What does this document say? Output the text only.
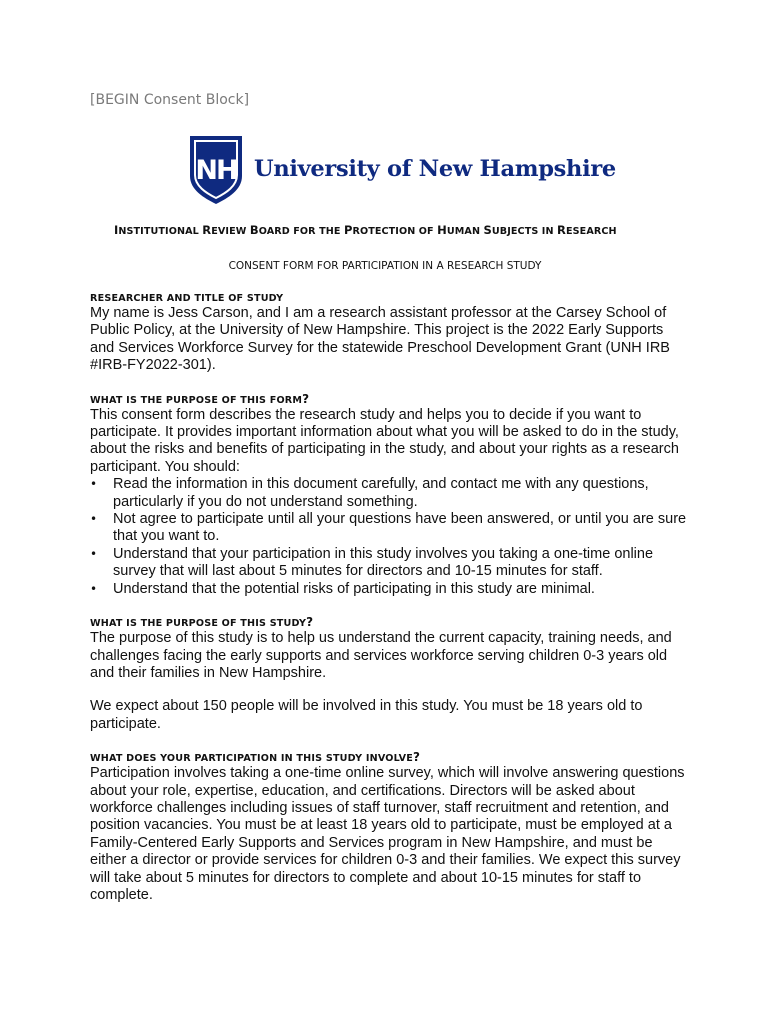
[BEGIN Consent Block]
NH University of New Hampshire
INSTITUTIONAL REVIEW BOARD FOR THE PROTECTION OF HUMAN SUBJECTS IN RESEARCH
CONSENT FORM FOR PARTICIPATION IN A RESEARCH STUDY

RESEARCHER AND TITLE OF STUDY

My name is Jess Carson, and I am a research assistant professor at the Carsey School of Public Policy, at the University of New Hampshire. This project is the 2022 Early Supports and Services Workforce Survey for the statewide Preschool Development Grant (UNH IRB #IRB-FY2022-301).

WHAT IS THE PURPOSE OF THIS FORM?

This consent form describes the research study and helps you to decide if you want to participate. It provides important information about what you will be asked to do in the study, about the risks and benefits of participating in the study, and about your rights as a research participant. You should:

• Read the information in this document carefully, and contact me with any questions, particularly if you do not understand something.
• Not agree to participate until all your questions have been answered, or until you are sure that you want to.
• Understand that your participation in this study involves you taking a one-time online survey that will last about 5 minutes for directors and 10-15 minutes for staff.
• Understand that the potential risks of participating in this study are minimal.

WHAT IS THE PURPOSE OF THIS STUDY?

The purpose of this study is to help us understand the current capacity, training needs, and challenges facing the early supports and services workforce serving children 0-3 years old and their families in New Hampshire.

We expect about 150 people will be involved in this study. You must be 18 years old to participate.

WHAT DOES YOUR PARTICIPATION IN THIS STUDY INVOLVE?

Participation involves taking a one-time online survey, which will involve answering questions about your role, expertise, education, and certifications. Directors will be asked about workforce challenges including issues of staff turnover, staff recruitment and retention, and position vacancies. You must be at least 18 years old to participate, must be employed at a Family-Centered Early Supports and Services program in New Hampshire, and must be either a director or provide services for children 0-3 and their families. We expect this survey will take about 5 minutes for directors to complete and about 10-15 minutes for staff to complete.
